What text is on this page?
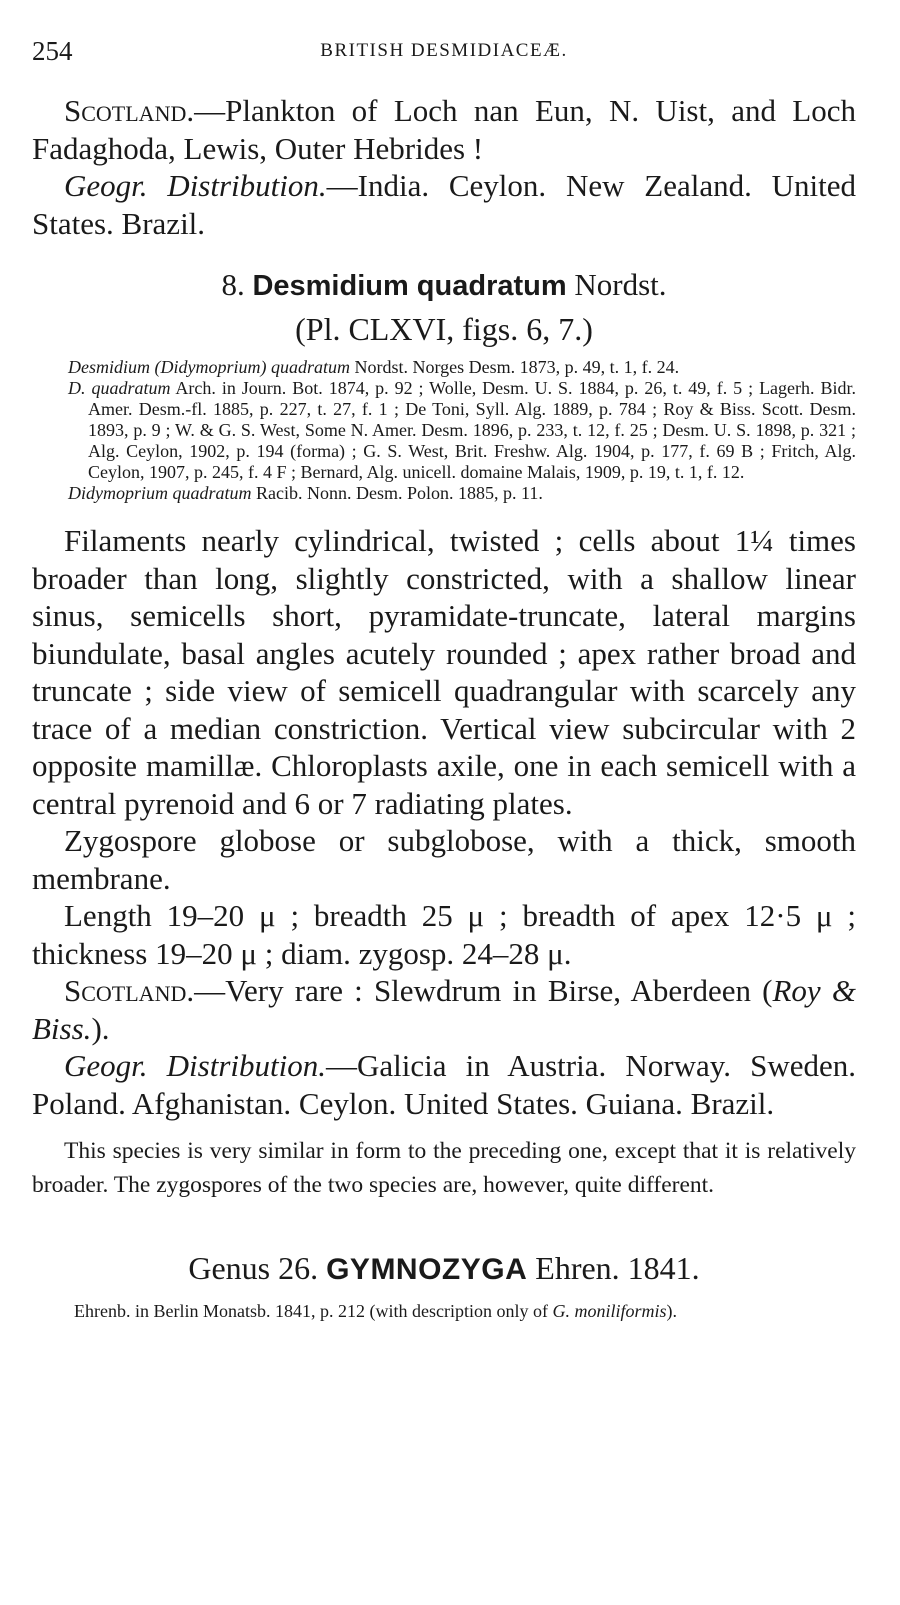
254	BRITISH DESMIDIACEÆ.

Scotland.—Plankton of Loch nan Eun, N. Uist, and Loch Fadaghoda, Lewis, Outer Hebrides !

Geogr. Distribution.—India. Ceylon. New Zealand. United States. Brazil.

8. Desmidium quadratum Nordst.

(Pl. CLXVI, figs. 6, 7.)

Desmidium (Didymoprium) quadratum Nordst. Norges Desm. 1873, p. 49, t. 1, f. 24.
D. quadratum Arch. in Journ. Bot. 1874, p. 92 ; Wolle, Desm. U. S. 1884, p. 26, t. 49, f. 5 ; Lagerh. Bidr. Amer. Desm.-fl. 1885, p. 227, t. 27, f. 1 ; De Toni, Syll. Alg. 1889, p. 784 ; Roy & Biss. Scott. Desm. 1893, p. 9 ; W. & G. S. West, Some N. Amer. Desm. 1896, p. 233, t. 12, f. 25 ; Desm. U. S. 1898, p. 321 ; Alg. Ceylon, 1902, p. 194 (forma) ; G. S. West, Brit. Freshw. Alg. 1904, p. 177, f. 69 B ; Fritch, Alg. Ceylon, 1907, p. 245, f. 4 F ; Bernard, Alg. unicell. domaine Malais, 1909, p. 19, t. 1, f. 12.
Didymoprium quadratum Racib. Nonn. Desm. Polon. 1885, p. 11.

Filaments nearly cylindrical, twisted ; cells about 1¼ times broader than long, slightly constricted, with a shallow linear sinus, semicells short, pyramidate-truncate, lateral margins biundulate, basal angles acutely rounded ; apex rather broad and truncate ; side view of semicell quadrangular with scarcely any trace of a median constriction. Vertical view subcircular with 2 opposite mamillæ. Chloroplasts axile, one in each semicell with a central pyrenoid and 6 or 7 radiating plates.

Zygospore globose or subglobose, with a thick, smooth membrane.

Length 19–20 μ ; breadth 25 μ ; breadth of apex 12·5 μ ; thickness 19–20 μ ; diam. zygosp. 24–28 μ.

Scotland.—Very rare : Slewdrum in Birse, Aberdeen (Roy & Biss.).

Geogr. Distribution.—Galicia in Austria. Norway. Sweden. Poland. Afghanistan. Ceylon. United States. Guiana. Brazil.

This species is very similar in form to the preceding one, except that it is relatively broader. The zygospores of the two species are, however, quite different.

Genus 26. GYMNOZYGA Ehren. 1841.

Ehrenb. in Berlin Monatsb. 1841, p. 212 (with description only of G. moniliformis).
